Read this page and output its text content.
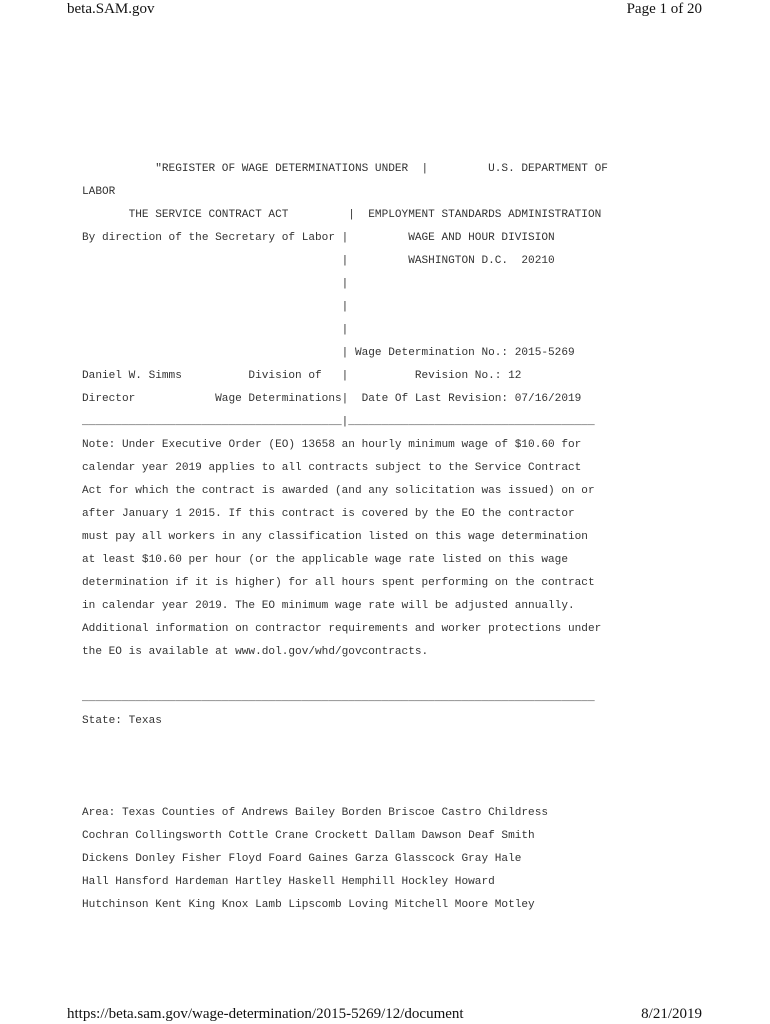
beta.SAM.gov	Page 1 of 20
"REGISTER OF WAGE DETERMINATIONS UNDER  |         U.S. DEPARTMENT OF
LABOR
THE SERVICE CONTRACT ACT         |  EMPLOYMENT STANDARDS ADMINISTRATION
By direction of the Secretary of Labor |         WAGE AND HOUR DIVISION
|         WASHINGTON D.C.  20210
|
|
|
| Wage Determination No.: 2015-5269
Daniel W. Simms          Division of   |          Revision No.: 12
Director            Wage Determinations|  Date Of Last Revision: 07/16/2019
_______________________________________|_____________________________________
Note: Under Executive Order (EO) 13658 an hourly minimum wage of $10.60 for
calendar year 2019 applies to all contracts subject to the Service Contract
Act for which the contract is awarded (and any solicitation was issued) on or
after January 1 2015. If this contract is covered by the EO the contractor
must pay all workers in any classification listed on this wage determination
at least $10.60 per hour (or the applicable wage rate listed on this wage
determination if it is higher) for all hours spent performing on the contract
in calendar year 2019. The EO minimum wage rate will be adjusted annually.
Additional information on contractor requirements and worker protections under
the EO is available at www.dol.gov/whd/govcontracts.
_____________________________________________________________________________
State: Texas
Area: Texas Counties of Andrews Bailey Borden Briscoe Castro Childress
Cochran Collingsworth Cottle Crane Crockett Dallam Dawson Deaf Smith
Dickens Donley Fisher Floyd Foard Gaines Garza Glasscock Gray Hale
Hall Hansford Hardeman Hartley Haskell Hemphill Hockley Howard
Hutchinson Kent King Knox Lamb Lipscomb Loving Mitchell Moore Motley
https://beta.sam.gov/wage-determination/2015-5269/12/document	8/21/2019
